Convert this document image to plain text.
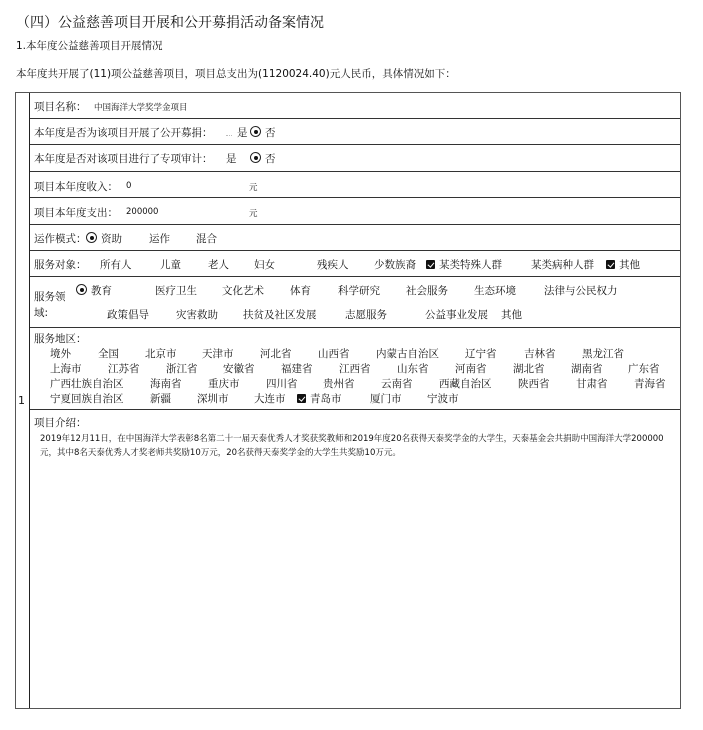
（四）公益慈善项目开展和公开募捐活动备案情况
1.本年度公益慈善项目开展情况
本年度共开展了(11)项公益慈善项目，项目总支出为(1120024.40)元人民币，具体情况如下：
1
项目名称： 中国海洋大学奖学金项目
本年度是否为该项目开展了公开募捐：	是	否
本年度是否对该项目进行了专项审计： 是	否
项目本年度收入： 0	元
项目本年度支出： 200000	元
运作模式：	资助	运作 混合
服务对象： 所有人	儿童	老人 妇女	残疾人 少数族裔	某类特殊人群	某类病种人群	其他
服务领
域:
教育	医疗卫生 文化艺术 体育	科学研究 社会服务 生态环境	法律与公民权力
政策倡导	灾害救助 扶贫及社区发展	志愿服务	公益事业发展 其他
服务地区：
境外	全国 北京市 天津市	河北省	山西省	内蒙古自治区 辽宁省	吉林省	黑龙江省
上海市	江苏省	浙江省 安徽省	福建省	江西省	山东省	河南省	湖北省	湖南省 广东省
广西壮族自治区	海南省	重庆市	四川省 贵州省	云南省	西藏自治区	陕西省	甘肃省	青海省
宁夏回族自治区	新疆 深圳市 大连市	青岛市	厦门市 宁波市
项目介绍：
2019年12月11日，在中国海洋大学表彰8名第二十一届天泰优秀人才奖获奖教师和2019年度20名获得天泰奖学金的大学生，天泰基金会共捐助中国海洋大学200000元，其中8名天泰优秀人才奖老师共奖励10万元，20名获得天泰奖学金的大学生共奖励10万元。
